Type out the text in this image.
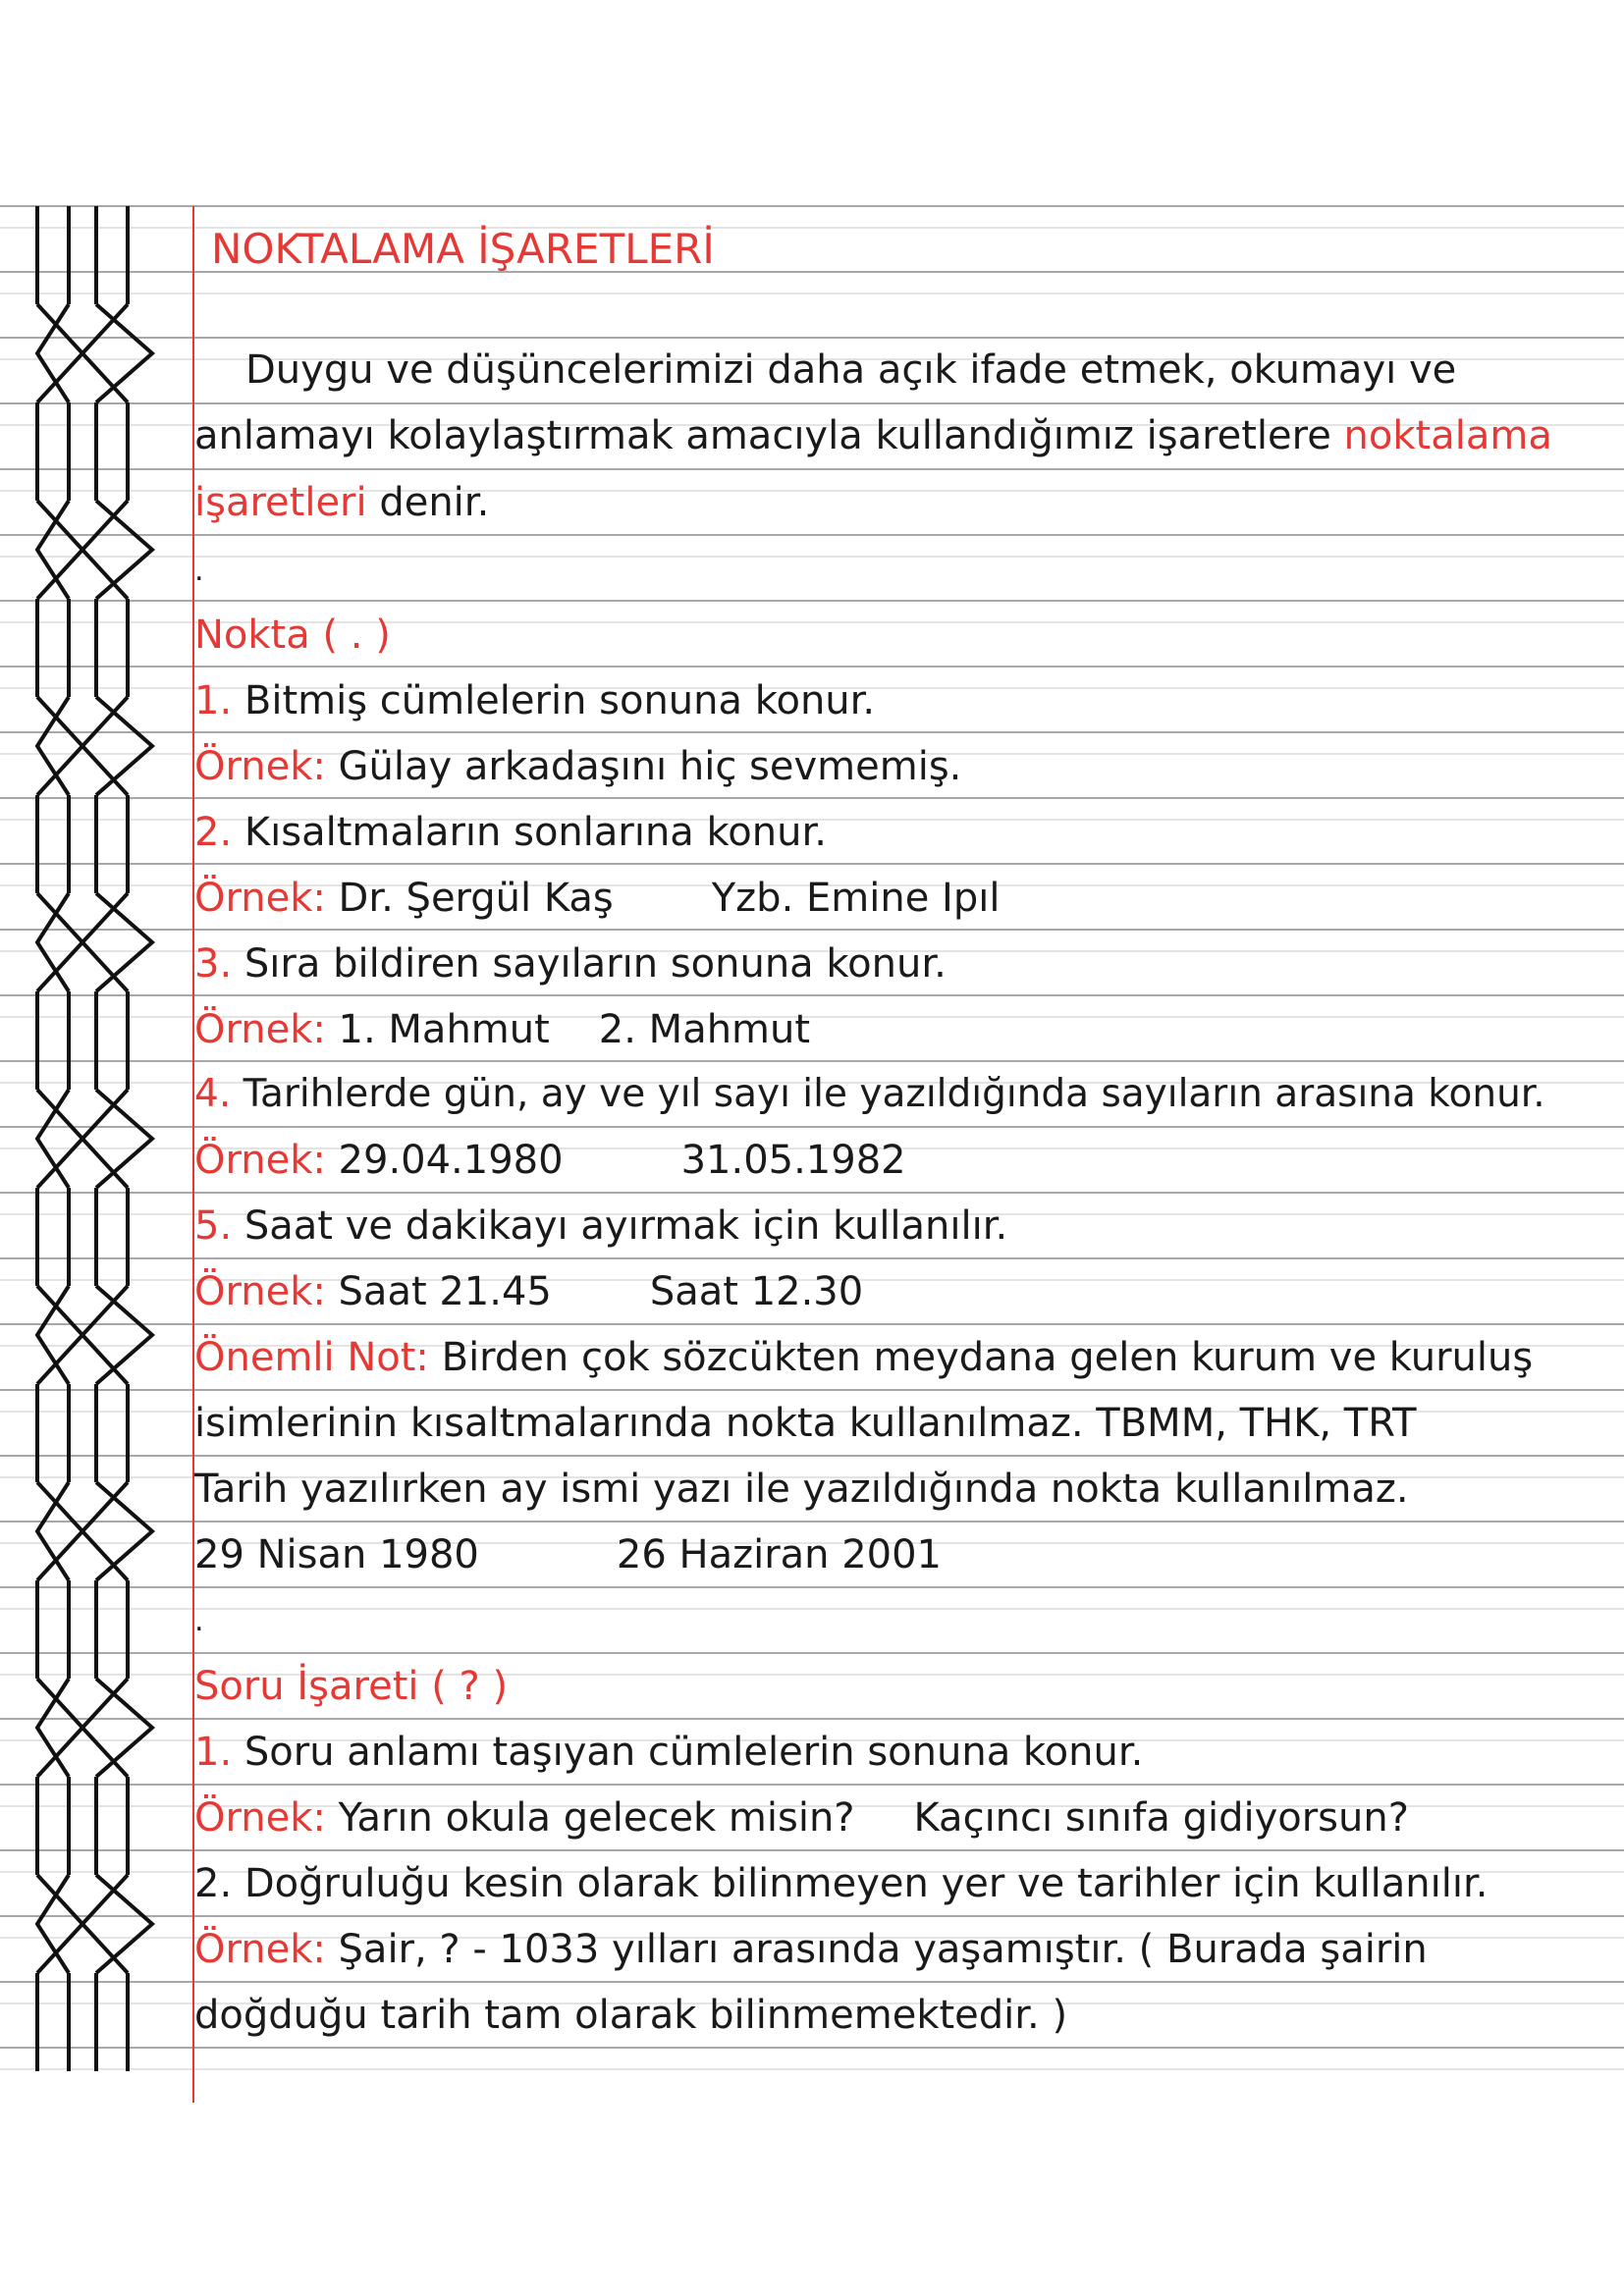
NOKTALAMA İŞARETLERİ
Duygu ve düşüncelerimizi daha açık ifade etmek, okumayı ve
anlamayı kolaylaştırmak amacıyla kullandığımız işaretlere noktalama
işaretleri denir.
.
Nokta ( . )
1. Bitmiş cümlelerin sonuna konur.
Örnek: Gülay arkadaşını hiç sevmemiş.
2. Kısaltmaların sonlarına konur.
Örnek: Dr. Şergül Kaş	Yzb. Emine Ipıl
3. Sıra bildiren sayıların sonuna konur.
Örnek: 1. Mahmut 2. Mahmut
4. Tarihlerde gün, ay ve yıl sayı ile yazıldığında sayıların arasına konur.
Örnek: 29.04.1980	31.05.1982
5. Saat ve dakikayı ayırmak için kullanılır.
Örnek: Saat 21.45	Saat 12.30
Önemli Not: Birden çok sözcükten meydana gelen kurum ve kuruluş
isimlerinin kısaltmalarında nokta kullanılmaz. TBMM, THK, TRT
Tarih yazılırken ay ismi yazı ile yazıldığında nokta kullanılmaz.
29 Nisan 1980	26 Haziran 2001
.
Soru İşareti ( ? )
1. Soru anlamı taşıyan cümlelerin sonuna konur.
Örnek: Yarın okula gelecek misin? Kaçıncı sınıfa gidiyorsun?
2. Doğruluğu kesin olarak bilinmeyen yer ve tarihler için kullanılır.
Örnek: Şair, ? - 1033 yılları arasında yaşamıştır. ( Burada şairin
doğduğu tarih tam olarak bilinmemektedir. )
